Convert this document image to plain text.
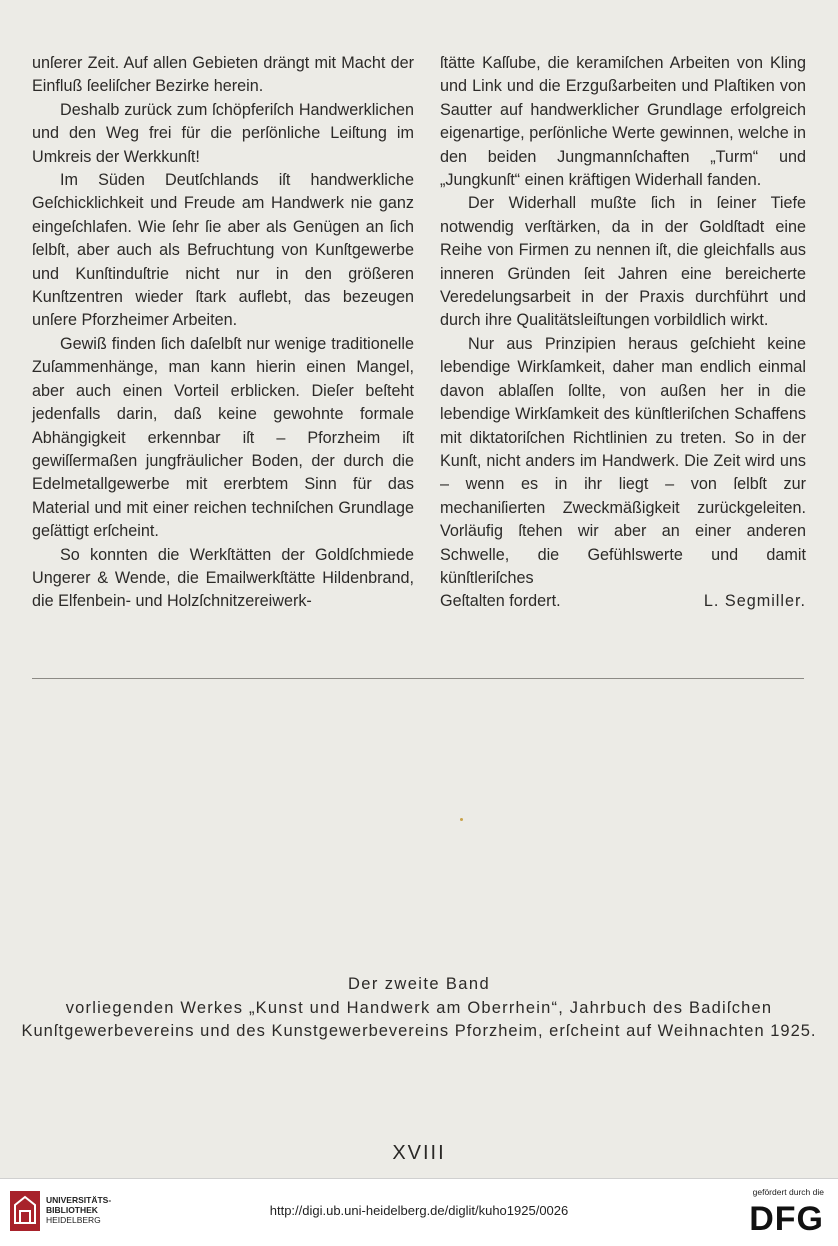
unſerer Zeit. Auf allen Gebieten drängt mit Macht der Einfluß ſeeliſcher Bezirke herein.

Deshalb zurück zum ſchöpferiſch Handwerklichen und den Weg frei für die perſönliche Leiſtung im Umkreis der Werkkunſt!

Im Süden Deutſchlands iſt handwerkliche Geſchicklichkeit und Freude am Handwerk nie ganz eingeſchlafen. Wie ſehr ſie aber als Genügen an ſich ſelbſt, aber auch als Befruchtung von Kunſtgewerbe und Kunſtinduſtrie nicht nur in den größeren Kunſtzentren wieder ſtark auflebt, das bezeugen unſere Pforzheimer Arbeiten.

Gewiß finden ſich daſelbſt nur wenige traditionelle Zuſammenhänge, man kann hierin einen Mangel, aber auch einen Vorteil erblicken. Dieſer beſteht jedenfalls darin, daß keine gewohnte formale Abhängigkeit erkennbar iſt – Pforzheim iſt gewiſſermaßen jungfräulicher Boden, der durch die Edelmetallgewerbe mit ererbtem Sinn für das Material und mit einer reichen techniſchen Grundlage geſättigt erſcheint.

So konnten die Werkſtätten der Goldſchmiede Ungerer & Wende, die Emailwerkſtätte Hildenbrand, die Elfenbein- und Holzſchnitzereiwerk-

ſtätte Kaſſube, die keramiſchen Arbeiten von Kling und Link und die Erzgußarbeiten und Plaſtiken von Sautter auf handwerklicher Grundlage erfolgreich eigenartige, perſönliche Werte gewinnen, welche in den beiden Jungmannſchaften „Turm“ und „Jungkunſt“ einen kräftigen Widerhall fanden.

Der Widerhall mußte ſich in ſeiner Tiefe notwendig verſtärken, da in der Goldſtadt eine Reihe von Firmen zu nennen iſt, die gleichfalls aus inneren Gründen ſeit Jahren eine bereicherte Veredelungsarbeit in der Praxis durchführt und durch ihre Qualitätsleiſtungen vorbildlich wirkt.

Nur aus Prinzipien heraus geſchieht keine lebendige Wirkſamkeit, daher man endlich einmal davon ablaſſen ſollte, von außen her in die lebendige Wirkſamkeit des künſtleriſchen Schaffens mit diktatoriſchen Richtlinien zu treten. So in der Kunſt, nicht anders im Handwerk. Die Zeit wird uns – wenn es in ihr liegt – von ſelbſt zur mechaniſierten Zweckmäßigkeit zurückgeleiten. Vorläufig ſtehen wir aber an einer anderen Schwelle, die Gefühlswerte und damit künſtleriſches

Geſtalten fordert.	L. Segmiller.
Der zweite Band
vorliegenden Werkes „Kunst und Handwerk am Oberrhein“, Jahrbuch des Badiſchen
Kunſtgewerbevereins und des Kunstgewerbevereins Pforzheim, erſcheint auf Weihnachten 1925.
XVIII
UNIVERSITÄTS-
BIBLIOTHEK
HEIDELBERG
http://digi.ub.uni-heidelberg.de/diglit/kuho1925/0026
gefördert durch die
DFG
